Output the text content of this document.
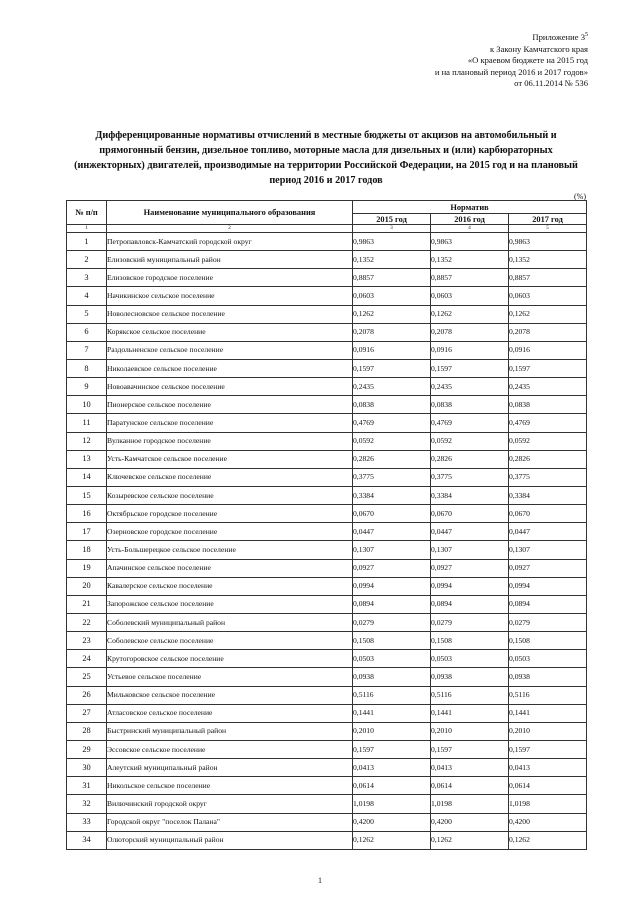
Приложение $3^5$
к Закону Камчатского края
«О краевом бюджете на 2015 год
и на плановый период 2016 и 2017 годов»
от 06.11.2014 № 536
Дифференцированные нормативы отчислений в местные бюджеты от акцизов на автомобильный и прямогонный бензин, дизельное топливо, моторные масла для дизельных и (или) карбюраторных (инжекторных) двигателей, производимые на территории Российской Федерации, на 2015 год и на плановый период 2016 и 2017 годов
(%)
№ п/п	Наименование муниципального образования	Норматив		
		2015 год	2016 год	2017 год
1	2	3	4	5
1	Петропавловск-Камчатский городской округ	0,9863	0,9863	0,9863
2	Елизовский муниципальный район	0,1352	0,1352	0,1352
3	Елизовское городское поселение	0,8857	0,8857	0,8857
4	Начикинское сельское поселение	0,0603	0,0603	0,0603
5	Новолесновское сельское поселение	0,1262	0,1262	0,1262
6	Корякское сельское поселение	0,2078	0,2078	0,2078
7	Раздольненское сельское поселение	0,0916	0,0916	0,0916
8	Николаевское сельское поселение	0,1597	0,1597	0,1597
9	Новоавачинское сельское поселение	0,2435	0,2435	0,2435
10	Пионерское сельское поселение	0,0838	0,0838	0,0838
11	Паратунское сельское поселение	0,4769	0,4769	0,4769
12	Вулканное городское поселение	0,0592	0,0592	0,0592
13	Усть-Камчатское сельское поселение	0,2826	0,2826	0,2826
14	Ключевское сельское поселение	0,3775	0,3775	0,3775
15	Козыревское сельское поселение	0,3384	0,3384	0,3384
16	Октябрьское городское поселение	0,0670	0,0670	0,0670
17	Озерновское городское поселение	0,0447	0,0447	0,0447
18	Усть-Большерецкое сельское поселение	0,1307	0,1307	0,1307
19	Апачинское сельское поселение	0,0927	0,0927	0,0927
20	Кавалерское сельское поселение	0,0994	0,0994	0,0994
21	Запорожское сельское поселение	0,0894	0,0894	0,0894
22	Соболевский муниципальный район	0,0279	0,0279	0,0279
23	Соболевское сельское поселение	0,1508	0,1508	0,1508
24	Крутогоровское сельское поселение	0,0503	0,0503	0,0503
25	Устьевое сельское поселение	0,0938	0,0938	0,0938
26	Мильковское сельское поселение	0,5116	0,5116	0,5116
27	Атласовское сельское поселение	0,1441	0,1441	0,1441
28	Быстринский муниципальный район	0,2010	0,2010	0,2010
29	Эссовское сельское поселение	0,1597	0,1597	0,1597
30	Алеутский муниципальный район	0,0413	0,0413	0,0413
31	Никольское сельское поселение	0,0614	0,0614	0,0614
32	Вилючинский городской округ	1,0198	1,0198	1,0198
33	Городской округ "поселок Палана"	0,4200	0,4200	0,4200
34	Олюторский муниципальный район	0,1262	0,1262	0,1262
1
